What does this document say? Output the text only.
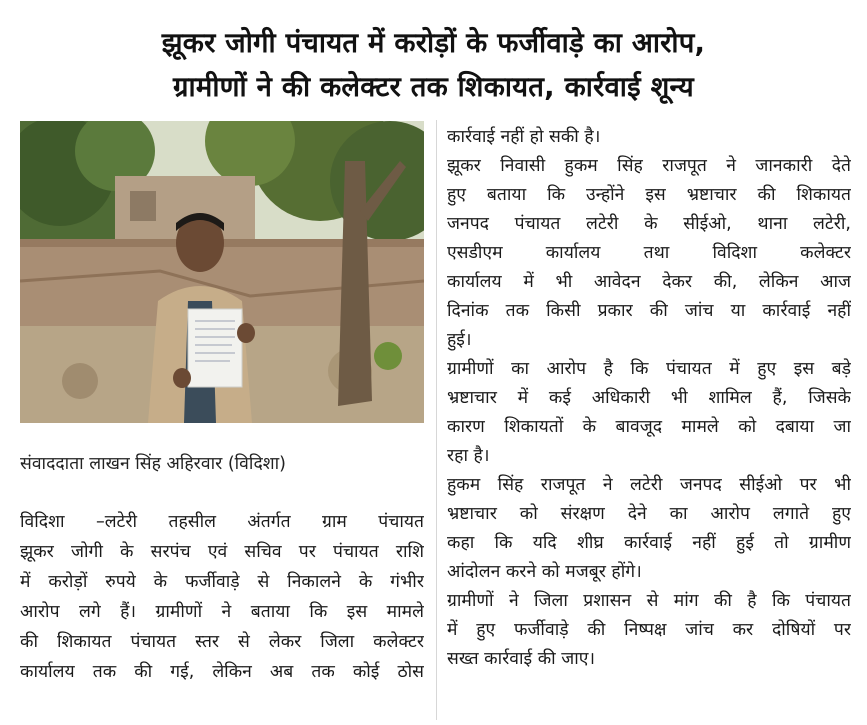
झूकर जोगी पंचायत में करोड़ों के फर्जीवाड़े का आरोप,
ग्रामीणों ने की कलेक्टर तक शिकायत, कार्रवाई शून्य
संवाददाता लाखन सिंह अहिरवार (विदिशा)
विदिशा –लटेरी तहसील अंतर्गत ग्राम पंचायत
झूकर जोगी के सरपंच एवं सचिव पर पंचायत राशि
में करोड़ों रुपये के फर्जीवाड़े से निकालने के गंभीर
आरोप लगे हैं। ग्रामीणों ने बताया कि इस मामले
की शिकायत पंचायत स्तर से लेकर जिला कलेक्टर
कार्यालय तक की गई, लेकिन अब तक कोई ठोस
कार्रवाई नहीं हो सकी है।
झूकर निवासी हुकम सिंह राजपूत ने जानकारी देते
हुए बताया कि उन्होंने इस भ्रष्टाचार की शिकायत
जनपद पंचायत लटेरी के सीईओ, थाना लटेरी,
एसडीएम कार्यालय तथा विदिशा कलेक्टर
कार्यालय में भी आवेदन देकर की, लेकिन आज
दिनांक तक किसी प्रकार की जांच या कार्रवाई नहीं
हुई।
ग्रामीणों का आरोप है कि पंचायत में हुए इस बड़े
भ्रष्टाचार में कई अधिकारी भी शामिल हैं, जिसके
कारण शिकायतों के बावजूद मामले को दबाया जा
रहा है।
हुकम सिंह राजपूत ने लटेरी जनपद सीईओ पर भी
भ्रष्टाचार को संरक्षण देने का आरोप लगाते हुए
कहा कि यदि शीघ्र कार्रवाई नहीं हुई तो ग्रामीण
आंदोलन करने को मजबूर होंगे।
ग्रामीणों ने जिला प्रशासन से मांग की है कि पंचायत
में हुए फर्जीवाड़े की निष्पक्ष जांच कर दोषियों पर
सख्त कार्रवाई की जाए।
